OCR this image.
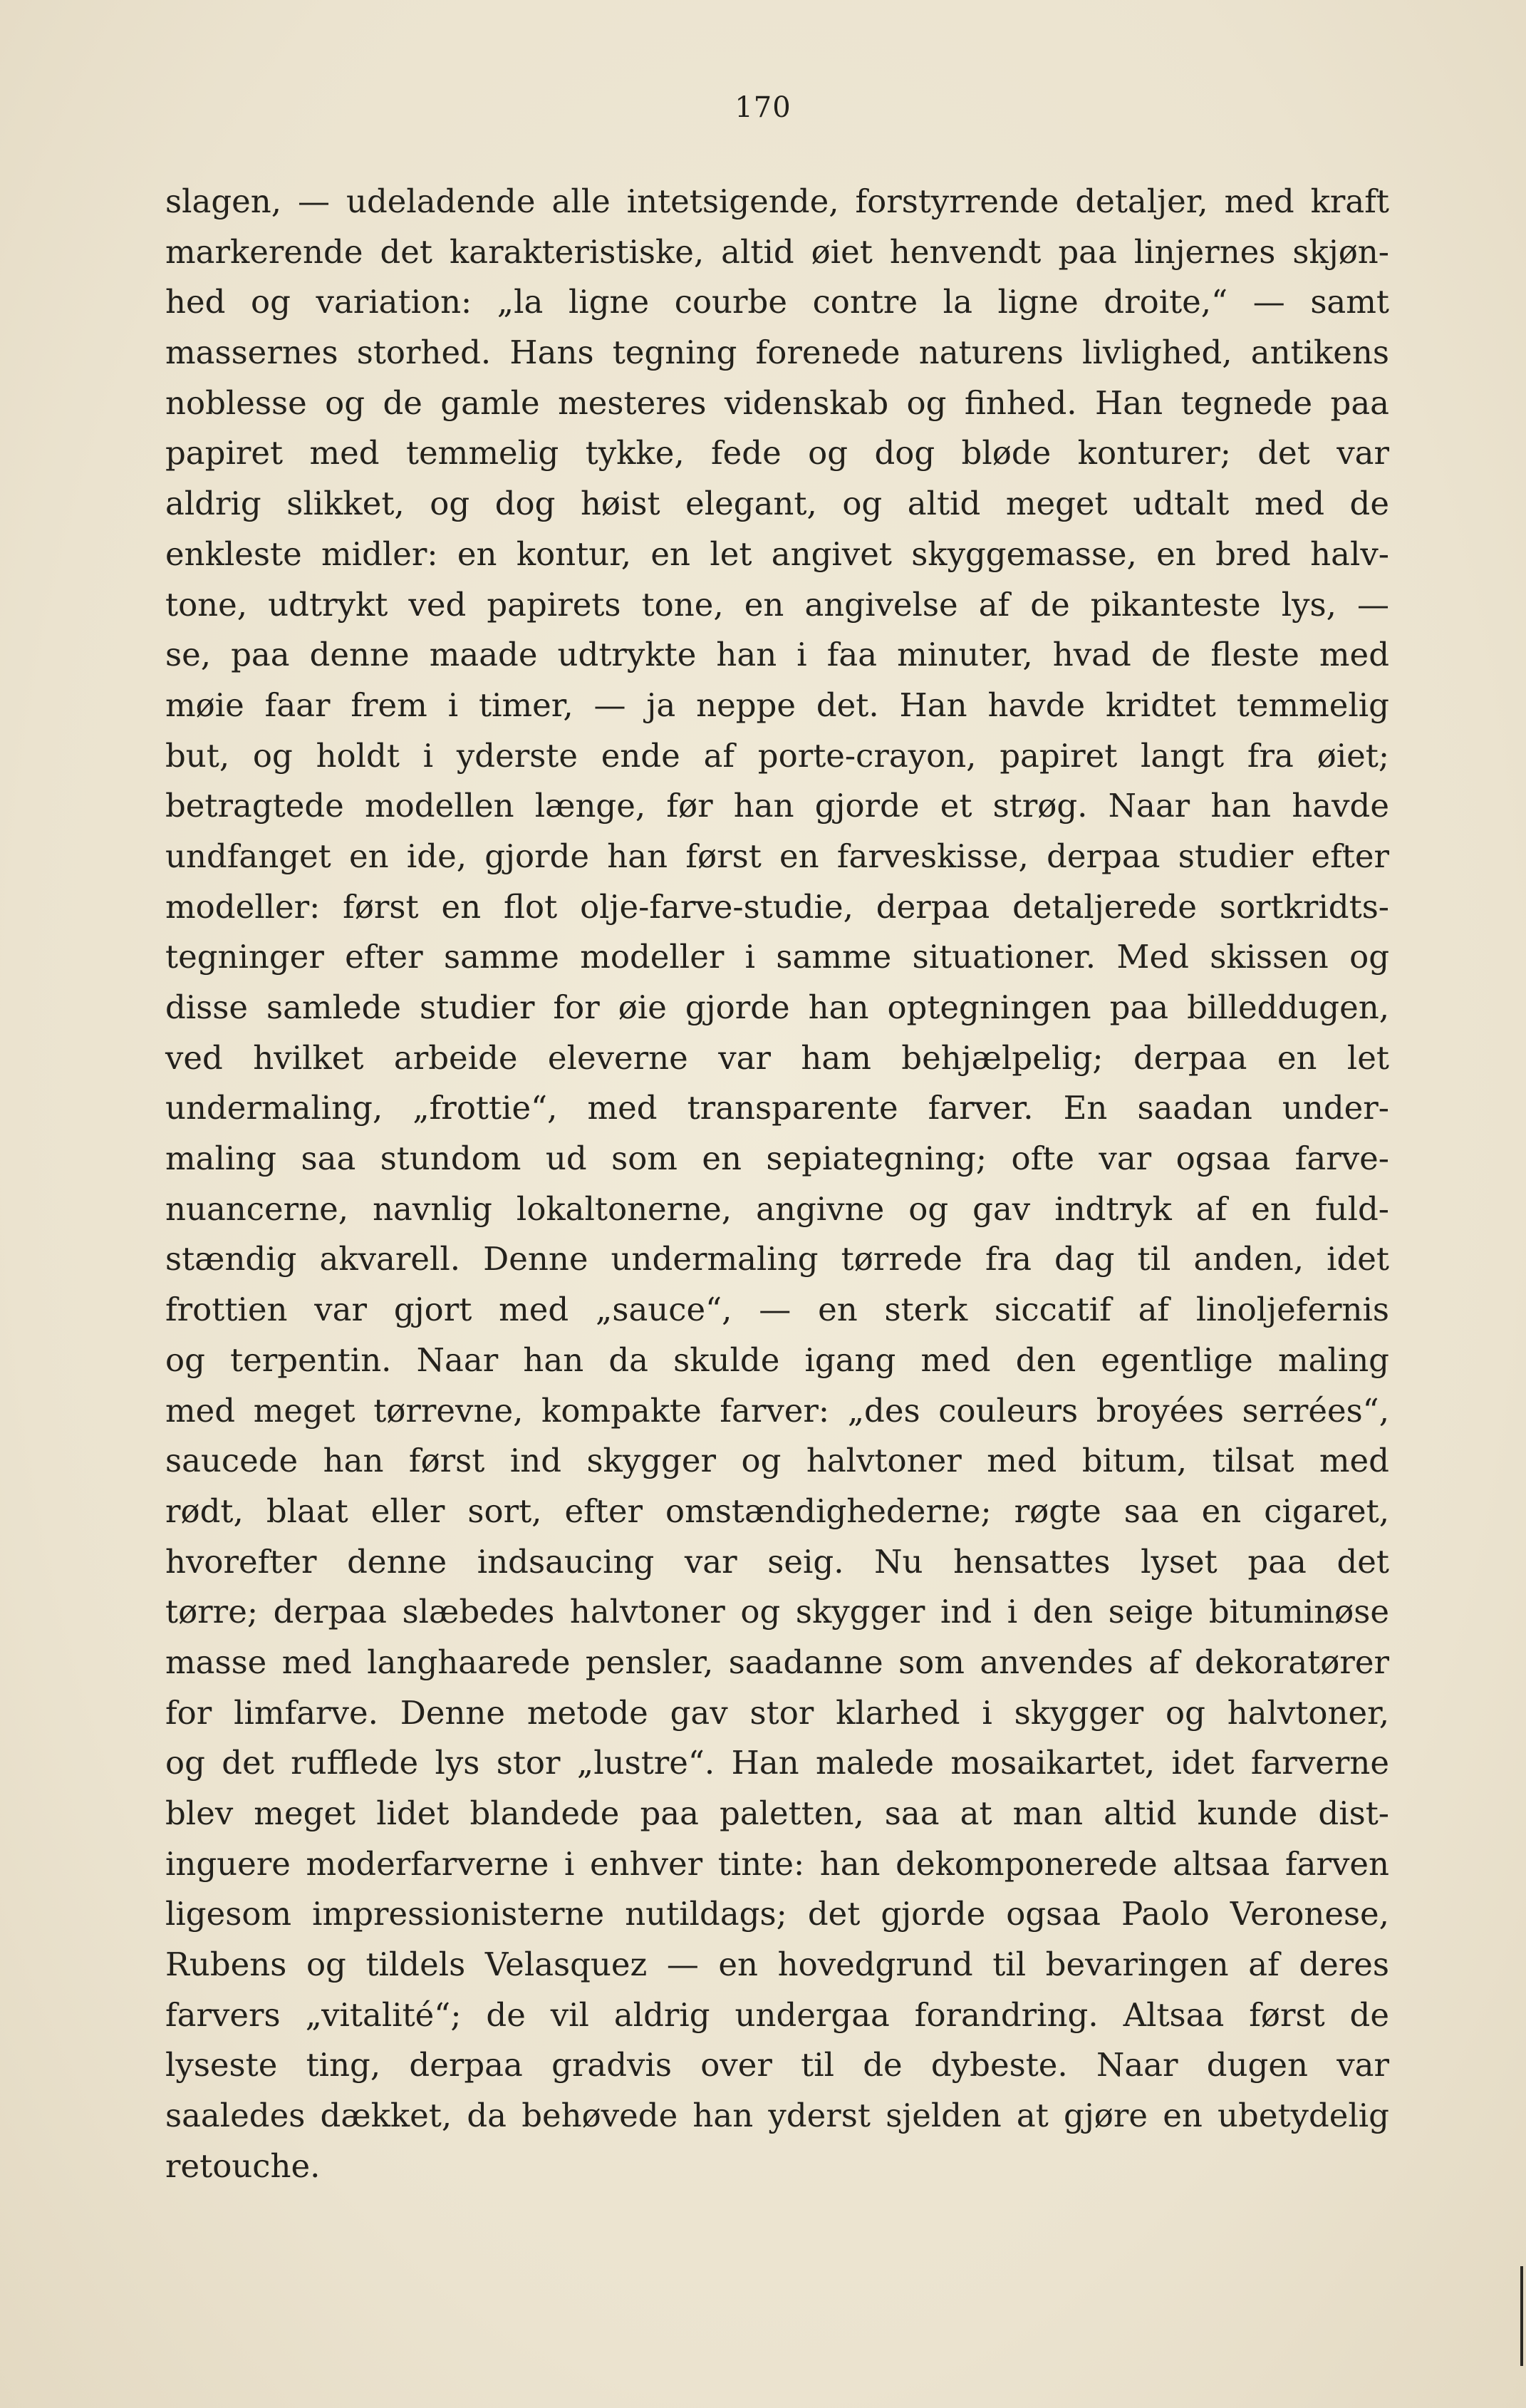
170
slagen, — udeladende alle intetsigende, forstyrrende detaljer, med kraft
markerende det karakteristiske, altid øiet henvendt paa linjernes skjøn-
hed og variation: „la ligne courbe contre la ligne droite,“ — samt
massernes storhed. Hans tegning forenede naturens livlighed, antikens
noblesse og de gamle mesteres videnskab og finhed. Han tegnede paa
papiret med temmelig tykke, fede og dog bløde konturer; det var
aldrig slikket, og dog høist elegant, og altid meget udtalt med de
enkleste midler: en kontur, en let angivet skyggemasse, en bred halv-
tone, udtrykt ved papirets tone, en angivelse af de pikanteste lys, —
se, paa denne maade udtrykte han i faa minuter, hvad de fleste med
møie faar frem i timer, — ja neppe det. Han havde kridtet temmelig
but, og holdt i yderste ende af porte-crayon, papiret langt fra øiet;
betragtede modellen længe, før han gjorde et strøg. Naar han havde
undfanget en ide, gjorde han først en farveskisse, derpaa studier efter
modeller: først en flot olje-farve-studie, derpaa detaljerede sortkridts-
tegninger efter samme modeller i samme situationer. Med skissen og
disse samlede studier for øie gjorde han optegningen paa billeddugen,
ved hvilket arbeide eleverne var ham behjælpelig; derpaa en let
undermaling, „frottie“, med transparente farver. En saadan under-
maling saa stundom ud som en sepiategning; ofte var ogsaa farve-
nuancerne, navnlig lokaltonerne, angivne og gav indtryk af en fuld-
stændig akvarell. Denne undermaling tørrede fra dag til anden, idet
frottien var gjort med „sauce“, — en sterk siccatif af linoljefernis
og terpentin. Naar han da skulde igang med den egentlige maling
med meget tørrevne, kompakte farver: „des couleurs broyées serrées“,
saucede han først ind skygger og halvtoner med bitum, tilsat med
rødt, blaat eller sort, efter omstændighederne; røgte saa en cigaret,
hvorefter denne indsaucing var seig. Nu hensattes lyset paa det
tørre; derpaa slæbedes halvtoner og skygger ind i den seige bituminøse
masse med langhaarede pensler, saadanne som anvendes af dekoratører
for limfarve. Denne metode gav stor klarhed i skygger og halvtoner,
og det rufflede lys stor „lustre“. Han malede mosaikartet, idet farverne
blev meget lidet blandede paa paletten, saa at man altid kunde dist-
inguere moderfarverne i enhver tinte: han dekomponerede altsaa farven
ligesom impressionisterne nutildags; det gjorde ogsaa Paolo Veronese,
Rubens og tildels Velasquez — en hovedgrund til bevaringen af deres
farvers „vitalité“; de vil aldrig undergaa forandring. Altsaa først de
lyseste ting, derpaa gradvis over til de dybeste. Naar dugen var
saaledes dækket, da behøvede han yderst sjelden at gjøre en ubetydelig
retouche.
